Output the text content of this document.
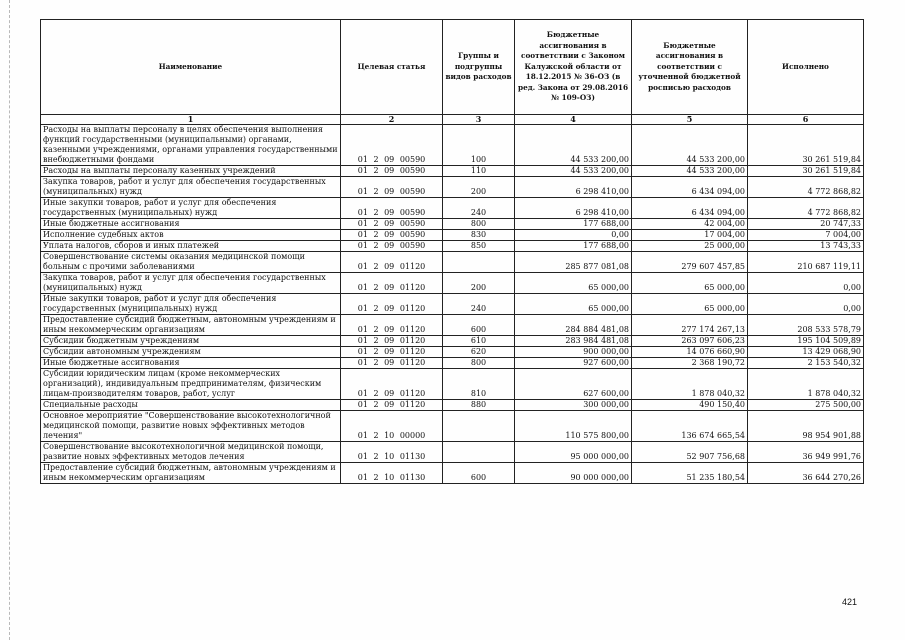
Наименование	Целевая статья	Группы и подгруппы видов расходов	Бюджетные ассигнования в соответствии с Законом Калужской области от 18.12.2015 № 36-ОЗ (в ред. Закона от 29.08.2016 № 109-ОЗ)	Бюджетные ассигнования в соответствии с уточненной бюджетной росписью расходов	Исполнено
1	2	3	4	5	6
Расходы на выплаты персоналу в целях обеспечения выполнения функций государственными (муниципальными) органами, казенными учреждениями, органами управления государственными внебюджетными фондами	01 2 09 00590	100	44 533 200,00	44 533 200,00	30 261 519,84
Расходы на выплаты персоналу казенных учреждений	01 2 09 00590	110	44 533 200,00	44 533 200,00	30 261 519,84
Закупка товаров, работ и услуг для обеспечения государственных (муниципальных) нужд	01 2 09 00590	200	6 298 410,00	6 434 094,00	4 772 868,82
Иные закупки товаров, работ и услуг для обеспечения государственных (муниципальных) нужд	01 2 09 00590	240	6 298 410,00	6 434 094,00	4 772 868,82
Иные бюджетные ассигнования	01 2 09 00590	800	177 688,00	42 004,00	20 747,33
Исполнение судебных актов	01 2 09 00590	830	0,00	17 004,00	7 004,00
Уплата налогов, сборов и иных платежей	01 2 09 00590	850	177 688,00	25 000,00	13 743,33
Совершенствование системы оказания медицинской помощи больным с прочими заболеваниями	01 2 09 01120		285 877 081,08	279 607 457,85	210 687 119,11
Закупка товаров, работ и услуг для обеспечения государственных (муниципальных) нужд	01 2 09 01120	200	65 000,00	65 000,00	0,00
Иные закупки товаров, работ и услуг для обеспечения государственных (муниципальных) нужд	01 2 09 01120	240	65 000,00	65 000,00	0,00
Предоставление субсидий бюджетным, автономным учреждениям и иным некоммерческим организациям	01 2 09 01120	600	284 884 481,08	277 174 267,13	208 533 578,79
Субсидии бюджетным учреждениям	01 2 09 01120	610	283 984 481,08	263 097 606,23	195 104 509,89
Субсидии автономным учреждениям	01 2 09 01120	620	900 000,00	14 076 660,90	13 429 068,90
Иные бюджетные ассигнования	01 2 09 01120	800	927 600,00	2 368 190,72	2 153 540,32
Субсидии юридическим лицам (кроме некоммерческих организаций), индивидуальным предпринимателям, физическим лицам-производителям товаров, работ, услуг	01 2 09 01120	810	627 600,00	1 878 040,32	1 878 040,32
Специальные расходы	01 2 09 01120	880	300 000,00	490 150,40	275 500,00
Основное мероприятие "Совершенствование высокотехнологичной медицинской помощи, развитие новых эффективных методов лечения"	01 2 10 00000		110 575 800,00	136 674 665,54	98 954 901,88
Совершенствование высокотехнологичной медицинской помощи, развитие новых эффективных методов лечения	01 2 10 01130		95 000 000,00	52 907 756,68	36 949 991,76
Предоставление субсидий бюджетным, автономным учреждениям и иным некоммерческим организациям	01 2 10 01130	600	90 000 000,00	51 235 180,54	36 644 270,26
421
